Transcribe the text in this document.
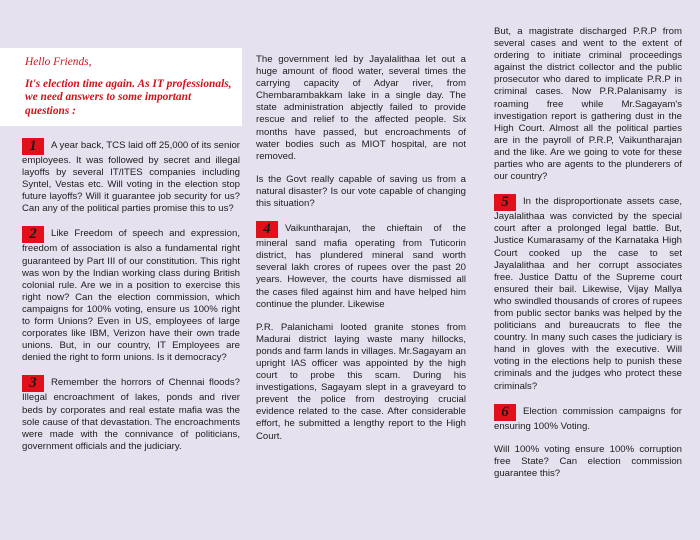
Hello Friends,
It's election time again. As IT professionals, we need answers to some important questions :

1 A year back, TCS laid off 25,000 of its senior employees. It was followed by secret and illegal layoffs by several IT/ITES companies including Syntel, Vestas etc. Will voting in the election stop future layoffs? Will it guarantee job security for us? Can any of the political parties promise this to us?

2 Like Freedom of speech and expression, freedom of association is also a fundamental right guaranteed by Part III of our constitution. This right was won by the Indian working class during British colonial rule. Are we in a position to exercise this right now? Can the election commission, which campaigns for 100% voting, ensure us 100% right to form Unions? Even in US, employees of large corporates like IBM, Verizon have their own trade unions. But, in our country, IT Employees are denied the right to form unions. Is it democracy?

3 Remember the horrors of Chennai floods? Illegal encroachment of lakes, ponds and river beds by corporates and real estate mafia was the sole cause of that devastation. The encroachments were made with the connivance of politicians, government officials and the judiciary.

The government led by Jayalalithaa let out a huge amount of flood water, several times the carrying capacity of Adyar river, from Chembarambakkam lake in a single day. The state administration abjectly failed to provide rescue and relief to the affected people. Six months have passed, but encroachments of water bodies such as MIOT hospital, are not removed.

Is the Govt really capable of saving us from a natural disaster? Is our vote capable of changing this situation?

4 Vaikuntharajan, the chieftain of the mineral sand mafia operating from Tuticorin district, has plundered mineral sand worth several lakh crores of rupees over the past 20 years. However, the courts have dismissed all the cases filed against him and have helped him continue the plunder. Likewise

P.R. Palanichami looted granite stones from Madurai district laying waste many hillocks, ponds and farm lands in villages. Mr.Sagayam an upright IAS officer was appointed by the high court to probe this scam. During his investigations, Sagayam slept in a graveyard to prevent the police from destroying crucial evidence related to the case. After considerable effort, he submitted a lengthy report to the High Court.

But, a magistrate discharged P.R.P from several cases and went to the extent of ordering to initiate criminal proceedings against the district collector and the public prosecutor who dared to implicate P.R.P in criminal cases. Now P.R.Palanisamy is roaming free while Mr.Sagayam's investigation report is gathering dust in the High Court. Almost all the political parties are in the payroll of P.R.P, Vaikuntharajan and the like. Are we going to vote for these parties who are agents to the plunderers of our country?

5 In the disproportionate assets case, Jayalalithaa was convicted by the special court after a prolonged legal battle. But, Justice Kumarasamy of the Karnataka High Court cooked up the case to set Jayalalithaa and her corrupt associates free. Justice Dattu of the Supreme court ensured their bail. Likewise, Vijay Mallya who swindled thousands of crores of rupees from public sector banks was helped by the politicians and bureaucrats to flee the country. In many such cases the judiciary is hand in gloves with the executive. Will voting in the elections help to punish these criminals and the judges who protect these criminals?

6 Election commission campaigns for ensuring 100% Voting.

Will 100% voting ensure 100% corruption free State? Can election commission guarantee this?
